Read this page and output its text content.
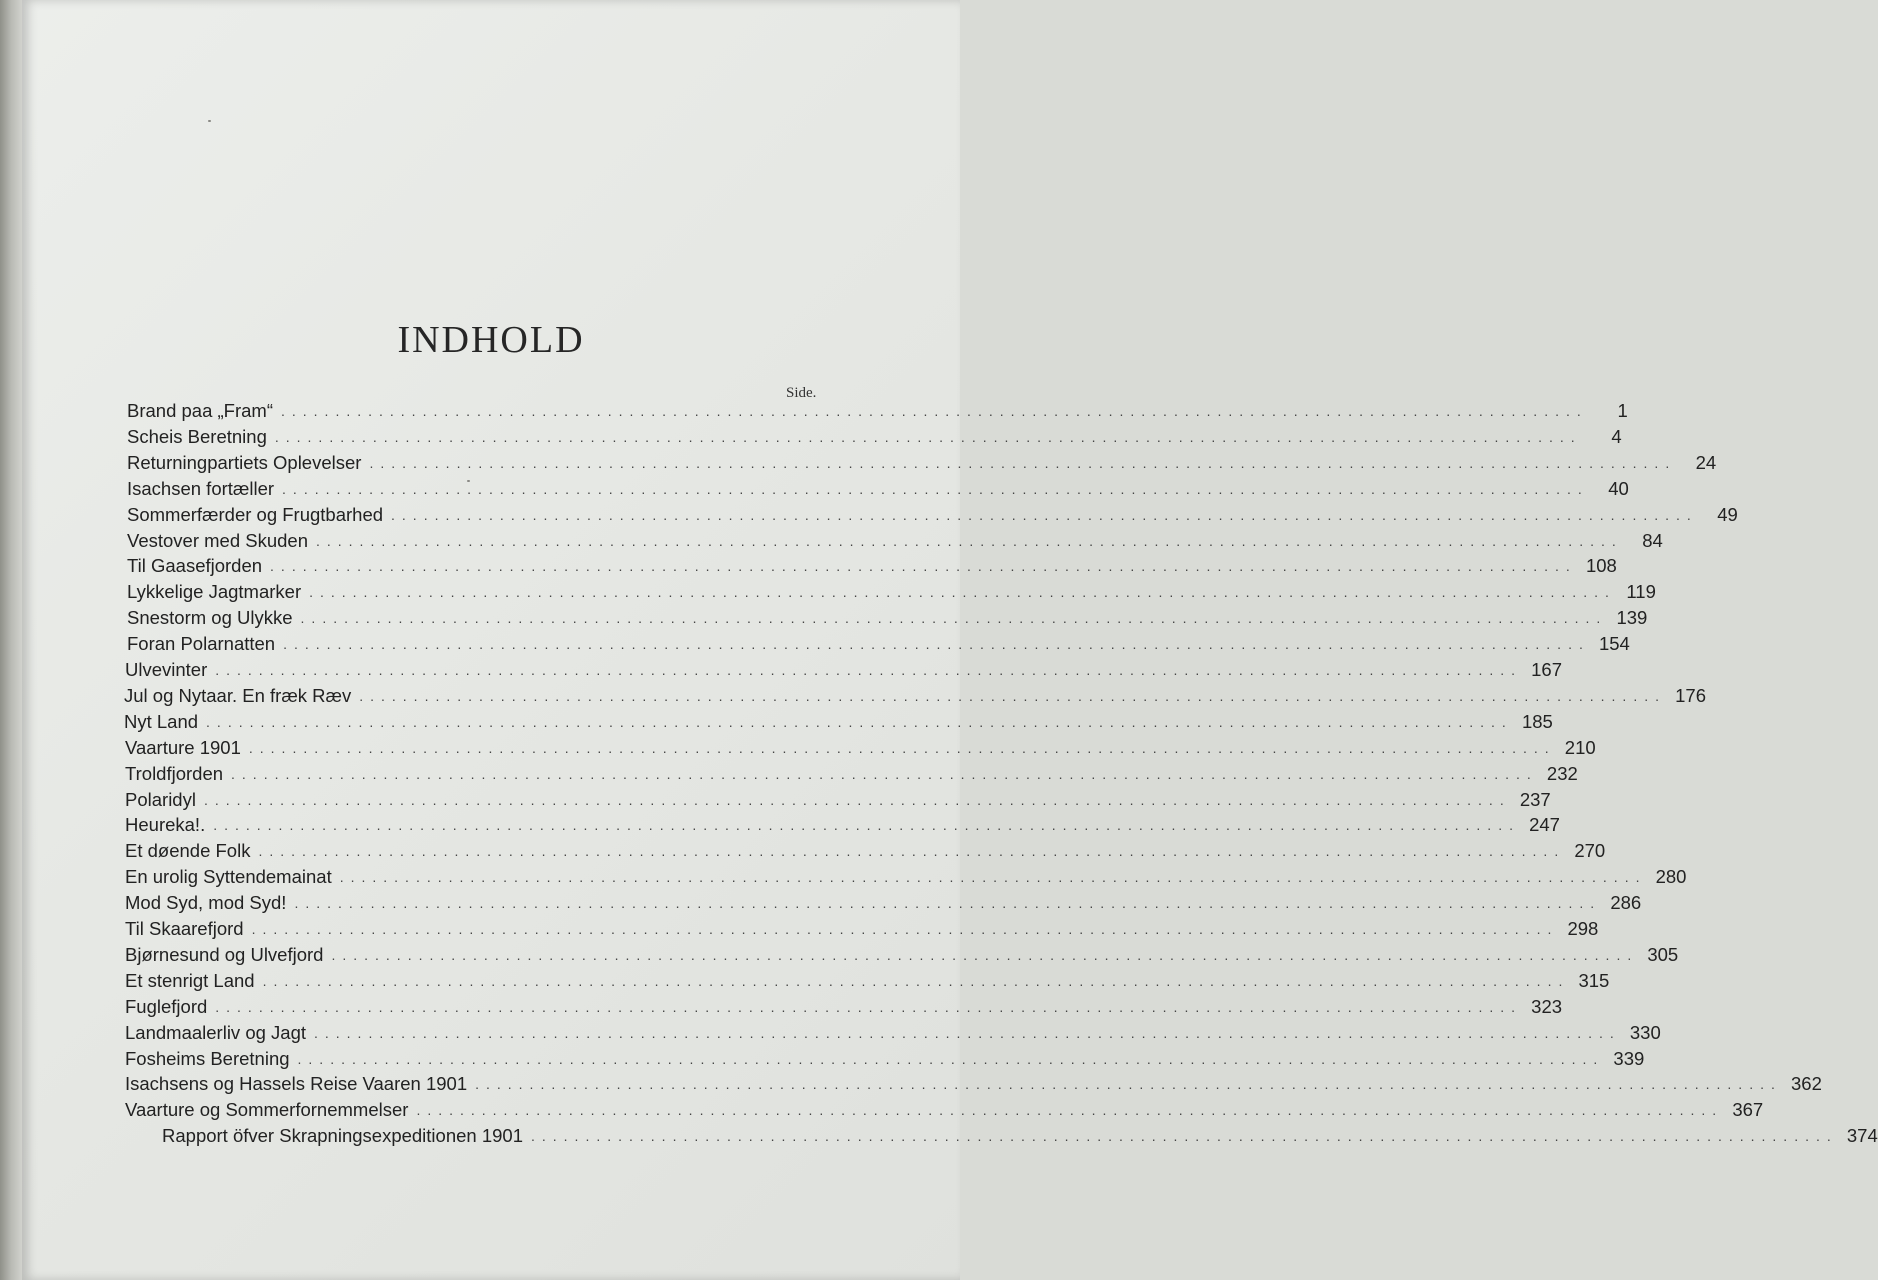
INDHOLD
Side.
Brand paa „Fram“ ........................................................................................................................	1
Scheis Beretning ........................................................................................................................	4
Returningpartiets Oplevelser ........................................................................................................................	24
Isachsen fortæller ........................................................................................................................	40
Sommerfærder og Frugtbarhed ........................................................................................................................	49
Vestover med Skuden ........................................................................................................................	84
Til Gaasefjorden ........................................................................................................................ 108
Lykkelige Jagtmarker ........................................................................................................................ 119
Snestorm og Ulykke ........................................................................................................................ 139
Foran Polarnatten ........................................................................................................................ 154
Ulvevinter ........................................................................................................................ 167
Jul og Nytaar. En fræk Ræv ........................................................................................................................ 176
Nyt Land ........................................................................................................................ 185
Vaarture 1901 ........................................................................................................................ 210
Troldfjorden ........................................................................................................................ 232
Polaridyl ........................................................................................................................ 237
Heureka!. ........................................................................................................................ 247
Et døende Folk ........................................................................................................................ 270
En urolig Syttendemainat ........................................................................................................................ 280
Mod Syd, mod Syd! ........................................................................................................................ 286
Til Skaarefjord ........................................................................................................................ 298
Bjørnesund og Ulvefjord ........................................................................................................................ 305
Et stenrigt Land ........................................................................................................................ 315
Fuglefjord ........................................................................................................................ 323
Landmaalerliv og Jagt ........................................................................................................................ 330
Fosheims Beretning ........................................................................................................................ 339
Isachsens og Hassels Reise Vaaren 1901 ........................................................................................................................ 362
Vaarture og Sommerfornemmelser ........................................................................................................................ 367
Rapport öfver Skrapningsexpeditionen 1901 ........................................................................................................................ 374
